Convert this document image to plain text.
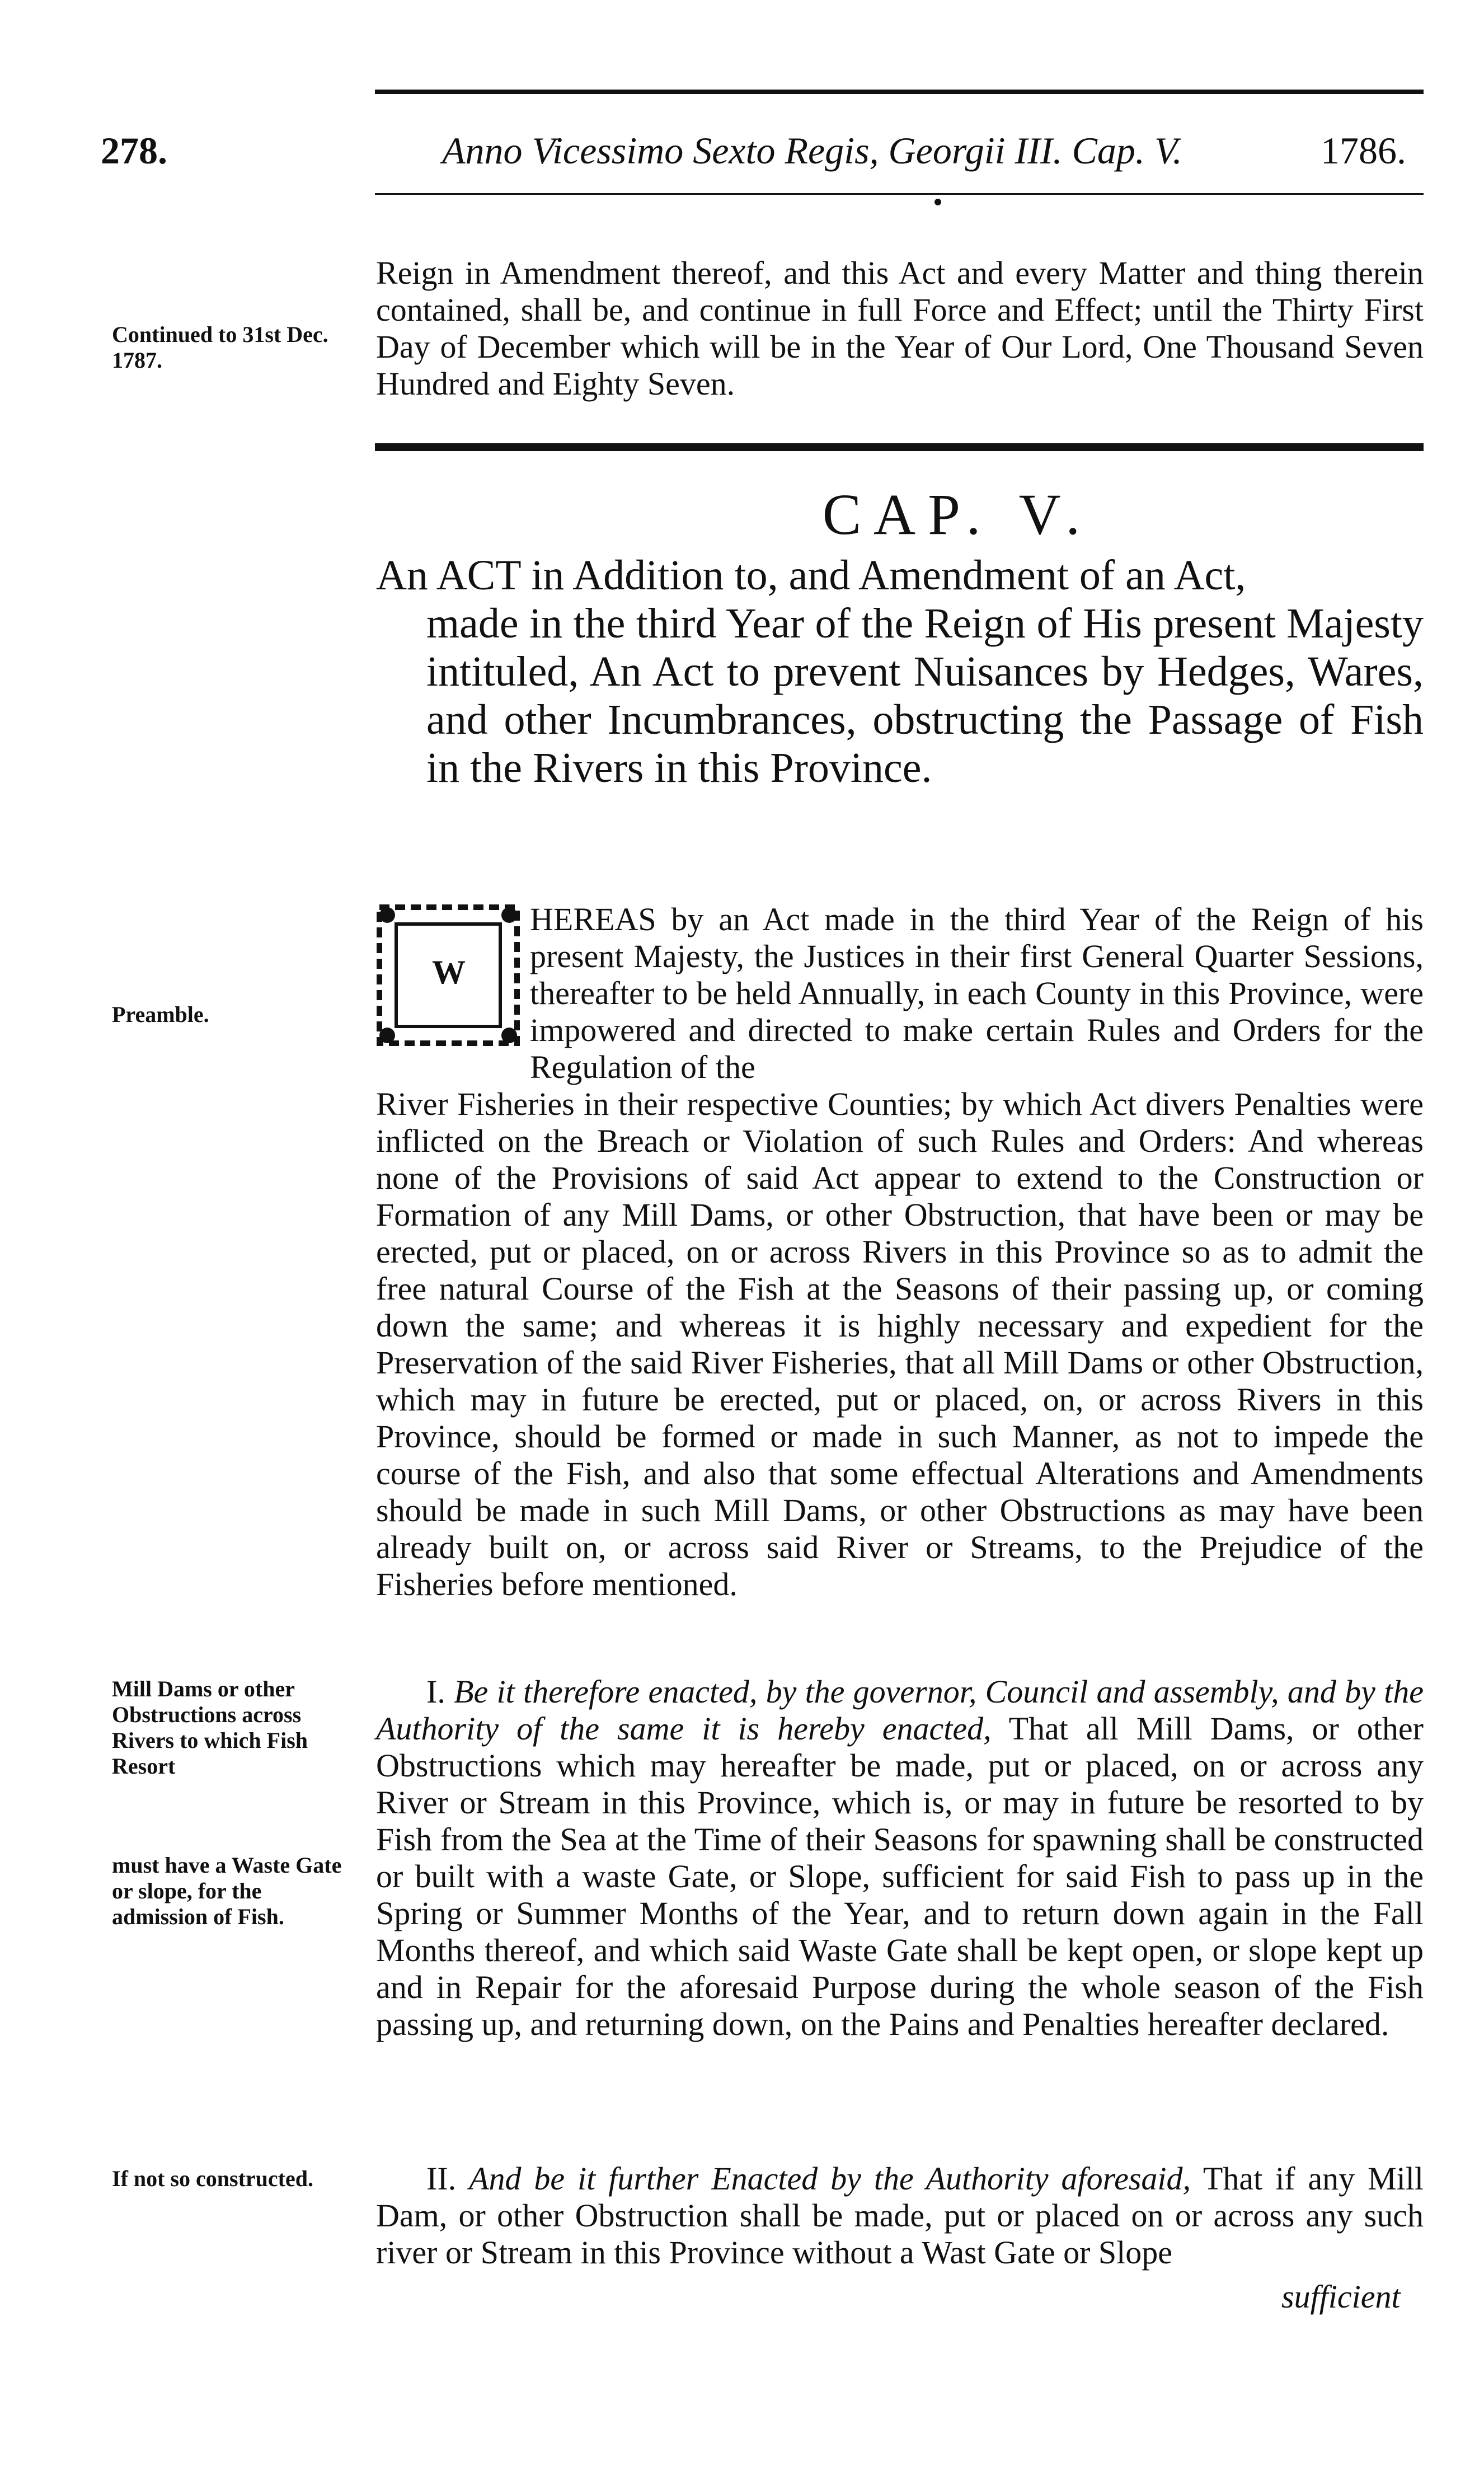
278.	Anno Vicessimo Sexto Regis, Georgii III. Cap. V.	1786.
Reign in Amendment thereof, and this Act and every Matter and thing therein contained, shall be, and continue in full Force and Effect; until the Thirty First Day of December which will be in the Year of Our Lord, One Thousand Seven Hundred and Eighty Seven.
Continued to 31st Dec. 1787.
CAP. V.
An ACT in Addition to, and Amendment of an Act,
made in the third Year of the Reign of His present Majesty intituled, An Act to prevent Nuisances by Hedges, Wares, and other Incumbrances, obstructing the Passage of Fish in the Rivers in this Province.
W
HEREAS by an Act made in the third Year of the Reign of his present Majesty, the Justices in their first General Quarter Sessions, thereafter to be held Annually, in each County in this Province, were impowered and directed to make certain Rules and Orders for the Regulation of the
River Fisheries in their respective Counties; by which Act divers Penalties were inflicted on the Breach or Violation of such Rules and Orders: And whereas none of the Provisions of said Act appear to extend to the Construction or Formation of any Mill Dams, or other Obstruction, that have been or may be erected, put or placed, on or across Rivers in this Province so as to admit the free natural Course of the Fish at the Seasons of their passing up, or coming down the same; and whereas it is highly necessary and expedient for the Preservation of the said River Fisheries, that all Mill Dams or other Obstruction, which may in future be erected, put or placed, on, or across Rivers in this Province, should be formed or made in such Manner, as not to impede the course of the Fish, and also that some effectual Alterations and Amendments should be made in such Mill Dams, or other Obstructions as may have been already built on, or across said River or Streams, to the Prejudice of the Fisheries before mentioned.
Preamble.
I. Be it therefore enacted, by the governor, Council and assembly, and by the Authority of the same it is hereby enacted, That all Mill Dams, or other Obstructions which may hereafter be made, put or placed, on or across any River or Stream in this Province, which is, or may in future be resorted to by Fish from the Sea at the Time of their Seasons for spawning shall be constructed or built with a waste Gate, or Slope, sufficient for said Fish to pass up in the Spring or Summer Months of the Year, and to return down again in the Fall Months thereof, and which said Waste Gate shall be kept open, or slope kept up and in Repair for the aforesaid Purpose during the whole season of the Fish passing up, and returning down, on the Pains and Penalties hereafter declared.
Mill Dams or other Obstructions across Rivers to which Fish Resort
must have a Waste Gate or slope, for the admission of Fish.
II. And be it further Enacted by the Authority aforesaid, That if any Mill Dam, or other Obstruction shall be made, put or placed on or across any such river or Stream in this Province without a Wast Gate or Slope
If not so constructed.
sufficient
